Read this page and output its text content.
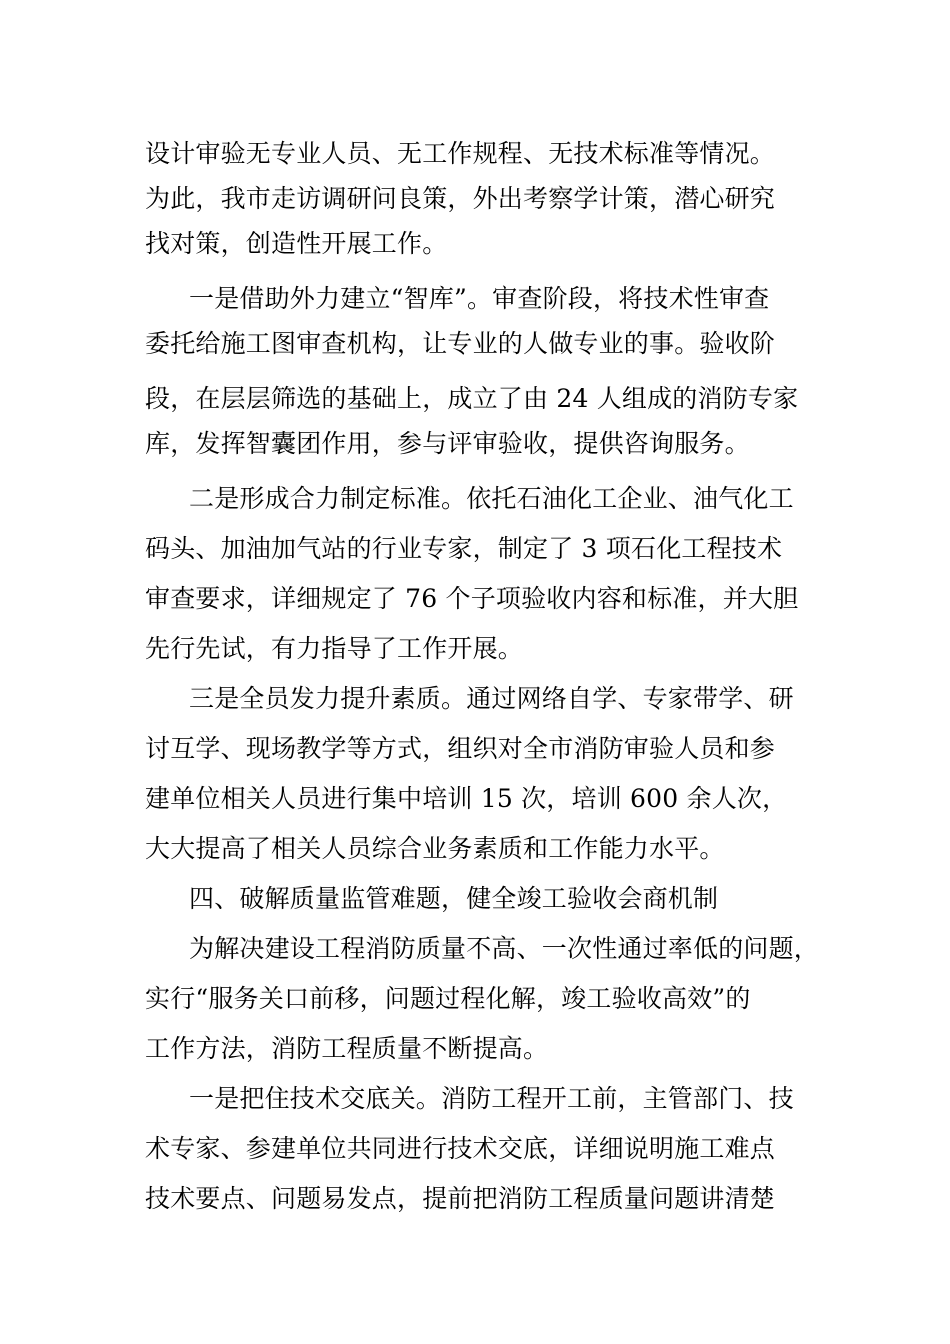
设计审验无专业人员、无工作规程、无技术标准等情况。
为此，我市走访调研问良策，外出考察学计策，潜心研究
找对策，创造性开展工作。
一是借助外力建立“智库”。审查阶段，将技术性审查
委托给施工图审查机构，让专业的人做专业的事。验收阶
段，在层层筛选的基础上，成立了由 24 人组成的消防专家
库，发挥智囊团作用，参与评审验收，提供咨询服务。
二是形成合力制定标准。依托石油化工企业、油气化工
码头、加油加气站的行业专家，制定了 3 项石化工程技术
审查要求，详细规定了 76 个子项验收内容和标准，并大胆
先行先试，有力指导了工作开展。
三是全员发力提升素质。通过网络自学、专家带学、研
讨互学、现场教学等方式，组织对全市消防审验人员和参
建单位相关人员进行集中培训 15 次，培训 600 余人次，
大大提高了相关人员综合业务素质和工作能力水平。
四、破解质量监管难题，健全竣工验收会商机制
为解决建设工程消防质量不高、一次性通过率低的问题，
实行“服务关口前移，问题过程化解，竣工验收高效”的
工作方法，消防工程质量不断提高。
一是把住技术交底关。消防工程开工前，主管部门、技
术专家、参建单位共同进行技术交底，详细说明施工难点
技术要点、问题易发点，提前把消防工程质量问题讲清楚
